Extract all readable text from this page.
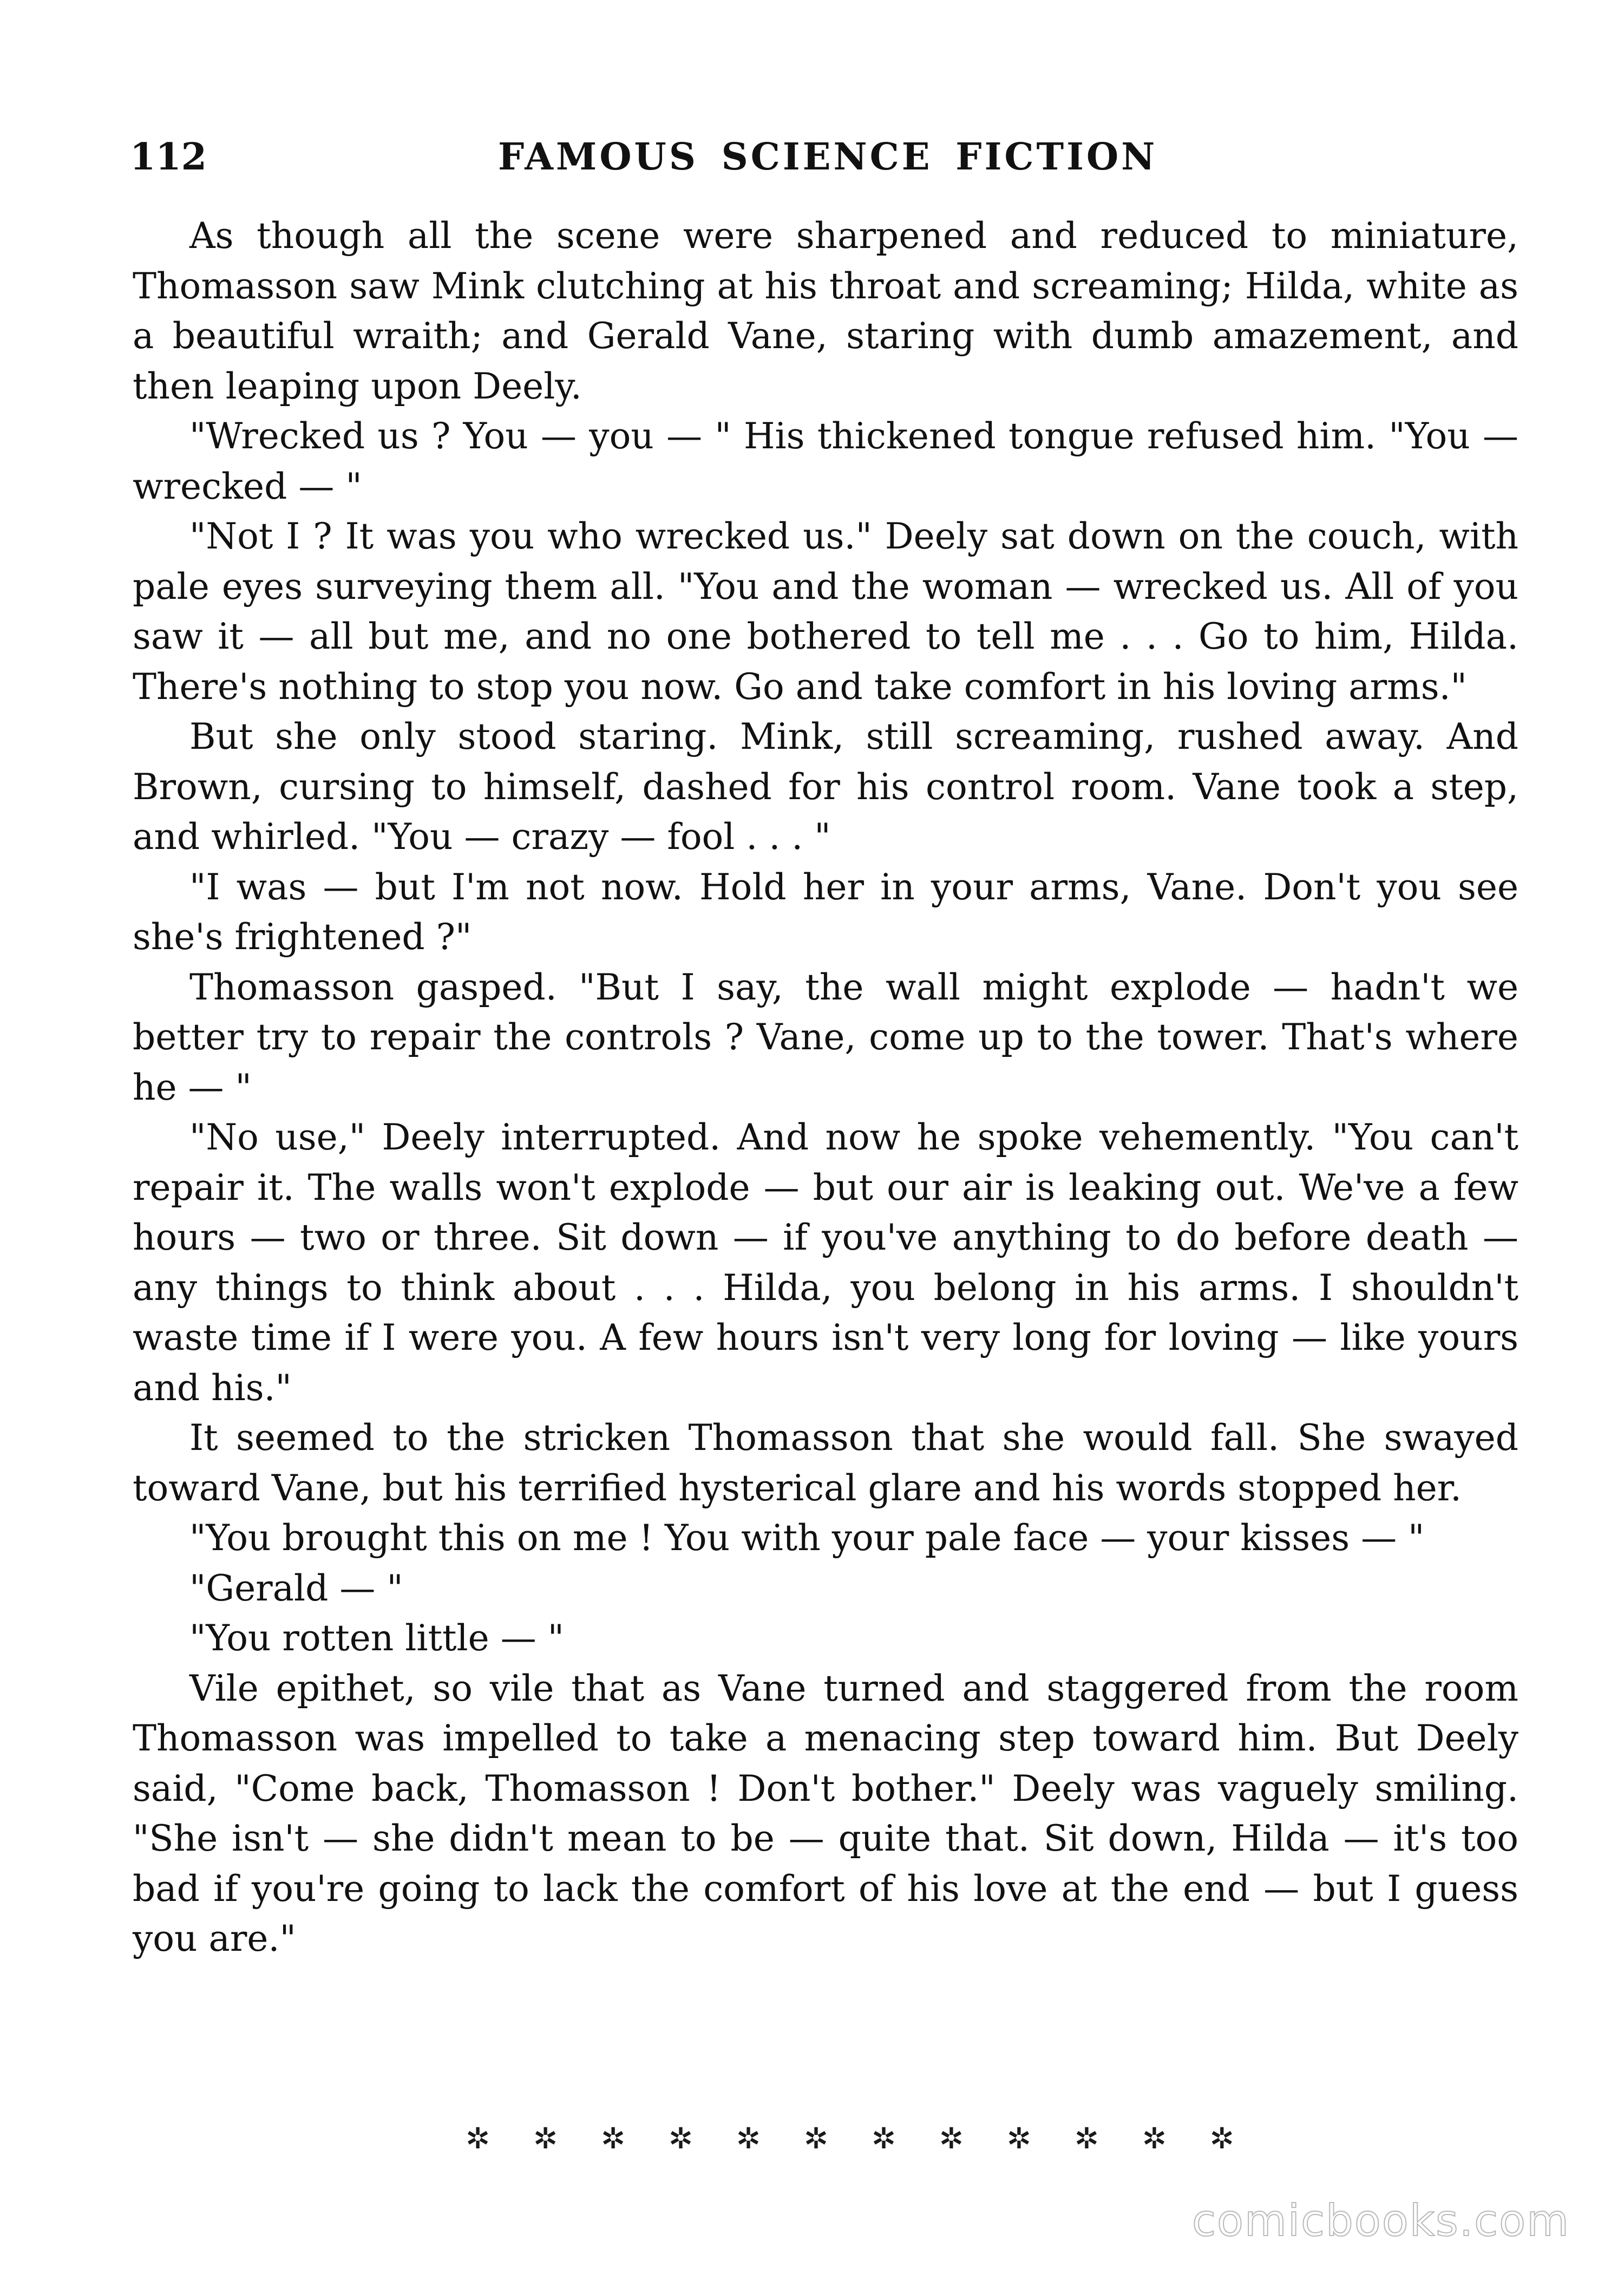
112	FAMOUS SCIENCE FICTION

As though all the scene were sharpened and reduced to miniature, Thomasson saw Mink clutching at his throat and screaming; Hilda, white as a beautiful wraith; and Gerald Vane, staring with dumb amazement, and then leaping upon Deely.

"Wrecked us ? You — you — " His thickened tongue refused him. "You — wrecked — "

"Not I ? It was you who wrecked us." Deely sat down on the couch, with pale eyes surveying them all. "You and the woman — wrecked us. All of you saw it — all but me, and no one bothered to tell me . . . Go to him, Hilda. There's nothing to stop you now. Go and take comfort in his loving arms."

But she only stood staring. Mink, still screaming, rushed away. And Brown, cursing to himself, dashed for his control room. Vane took a step, and whirled. "You — crazy — fool . . . "

"I was — but I'm not now. Hold her in your arms, Vane. Don't you see she's frightened ?"

Thomasson gasped. "But I say, the wall might explode — hadn't we better try to repair the controls ? Vane, come up to the tower. That's where he — "

"No use," Deely interrupted. And now he spoke vehemently. "You can't repair it. The walls won't explode — but our air is leaking out. We've a few hours — two or three. Sit down — if you've anything to do before death — any things to think about . . . Hilda, you belong in his arms. I shouldn't waste time if I were you. A few hours isn't very long for loving — like yours and his."

It seemed to the stricken Thomasson that she would fall. She swayed toward Vane, but his terrified hysterical glare and his words stopped her.

"You brought this on me ! You with your pale face — your kisses — "

"Gerald — "

"You rotten little — "

Vile epithet, so vile that as Vane turned and staggered from the room Thomasson was impelled to take a menacing step toward him. But Deely said, "Come back, Thomasson ! Don't bother." Deely was vaguely smiling. "She isn't — she didn't mean to be — quite that. Sit down, Hilda — it's too bad if you're going to lack the comfort of his love at the end — but I guess you are."

✲ ✲ ✲ ✲ ✲ ✲ ✲ ✲ ✲ ✲ ✲ ✲
comicbooks.com
